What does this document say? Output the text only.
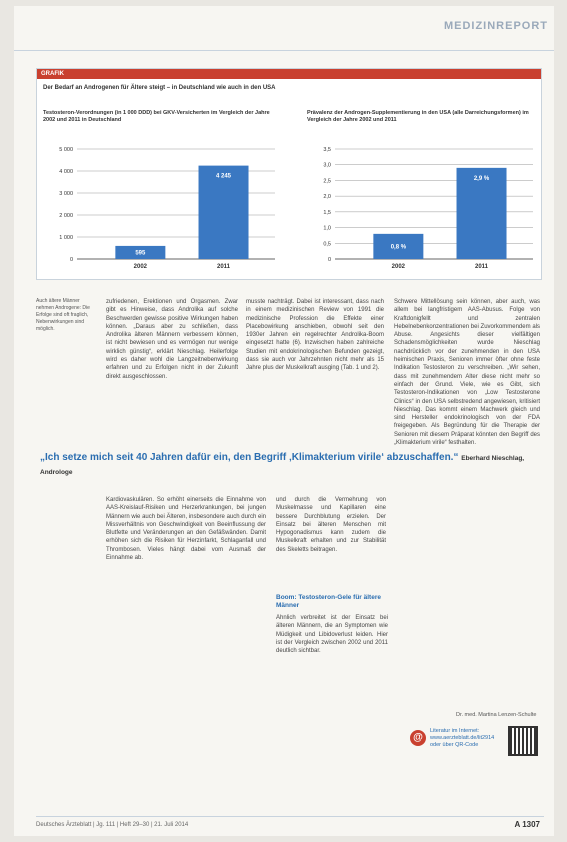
MEDIZINREPORT
GRAFIK
Der Bedarf an Androgenen für Ältere steigt – in Deutschland wie auch in den USA
Testosteron-Verordnungen (in 1 000 DDD) bei GKV-Versicherten im Vergleich der Jahre 2002 und 2011 in Deutschland
Prävalenz der Androgen-Supplementierung in den USA (alle Darreichungsformen) im Vergleich der Jahre 2002 und 2011
0
1 000
2 000
3 000
4 000
5 000
595
2002
4 245
2011
0
0,5
1,0
1,5
2,0
2,5
3,0
3,5
0,8 %
2002
2,9 %
2011
Auch ältere Männer nehmen Androgene: Die Erfolge sind oft fraglich, Nebenwirkungen sind möglich.
zufriedenen, Erektionen und Orgasmen. Zwar gibt es Hinweise, dass Androlika auf solche Beschwerden gewisse positive Wirkungen haben können. „Daraus aber zu schließen, dass Androlika älteren Männern verbessern können, ist nicht bewiesen und es vermögen nur wenige wirklich günstig“, erklärt Nieschlag. Heilerfolge wird es daher wohl die Langzeitnebenwirkung erfahren und zu Erfolgen nicht in der Zukunft direkt ausgeschlossen.
musste nachträgt. Dabei ist interessant, dass nach in einem medizinischen Review von 1991 die medizinische Profession die Effekte einer Placebowirkung anschieben, obwohl seit den 1930er Jahren ein regelrechter Androlika-Boom eingesetzt hatte (6). Inzwischen haben zahlreiche Studien mit endokrinologischen Befunden gezeigt, dass sie auch vor Jahrzehnten nicht mehr als 15 Jahre plus der Muskelkraft ausging (Tab. 1 und 2).
Schwere Mittellösung sein können, aber auch, was allem bei langfristigem AAS-Abusus. Folge von Kraftdonigfellt und zentralen Hebelnebenkonzentrationen bei Zuvorkommendem als Abuse. Angesichts dieser vielfältigen Schadensmöglichkeiten wurde Nieschlag nachdrücklich vor der zunehmenden in den USA heimischen Praxis, Senioren immer öfter ohne feste Indikation Testosteron zu verschreiben. „Wir sehen, dass mit zunehmendem Alter diese nicht mehr so einfach der Grund. Viele, wie es Gibt, sich Testosteron-Indikationen von „Low Testosterone Clinics“ in den USA selbstredend angewiesen, kritisiert Nieschlag. Das kommt einem Machwerk gleich und sind Hersteller endokrinologisch von der FDA freigegeben. Als Begründung für die Therapie der Senioren mit diesem Präparat könnten den Begriff des „Klimakterium virile“ festhalten.
„Ich setze mich seit 40 Jahren dafür ein, den Begriff ‚Klimakterium virile‘ abzuschaffen.“ Eberhard Nieschlag, Androloge
Kardiovaskulären. So erhöht einerseits die Einnahme von AAS-Kreislauf-Risiken und Herzerkrankungen, bei jungen Männern wie auch bei Älteren, insbesondere auch durch ein Missverhältnis von Geschwindigkeit von Beeinflussung der Blutfette und Veränderungen an den Gefäßwänden. Damit erhöhen sich die Risiken für Herzinfarkt, Schlaganfall und Thrombosen. Vieles hängt dabei vom Ausmaß der Einnahme ab.
und durch die Vermehrung von Muskelmasse und Kapillaren eine bessere Durchblutung erzielen. Der Einsatz bei älteren Menschen mit Hypogonadismus kann zudem die Muskelkraft erhalten und zur Stabilität des Skeletts beitragen.
Boom: Testosteron-Gele für ältere Männer
Ähnlich verbreitet ist der Einsatz bei älteren Männern, die an Symptomen wie Müdigkeit und Libidoverlust leiden. Hier ist der Vergleich zwischen 2002 und 2011 deutlich sichtbar.
Dr. med. Martina Lenzen-Schulte
@
Literatur im Internet: www.aerzteblatt.de/lit2914 oder über QR-Code
Deutsches Ärzteblatt | Jg. 111 | Heft 29–30 | 21. Juli 2014	A 1307
